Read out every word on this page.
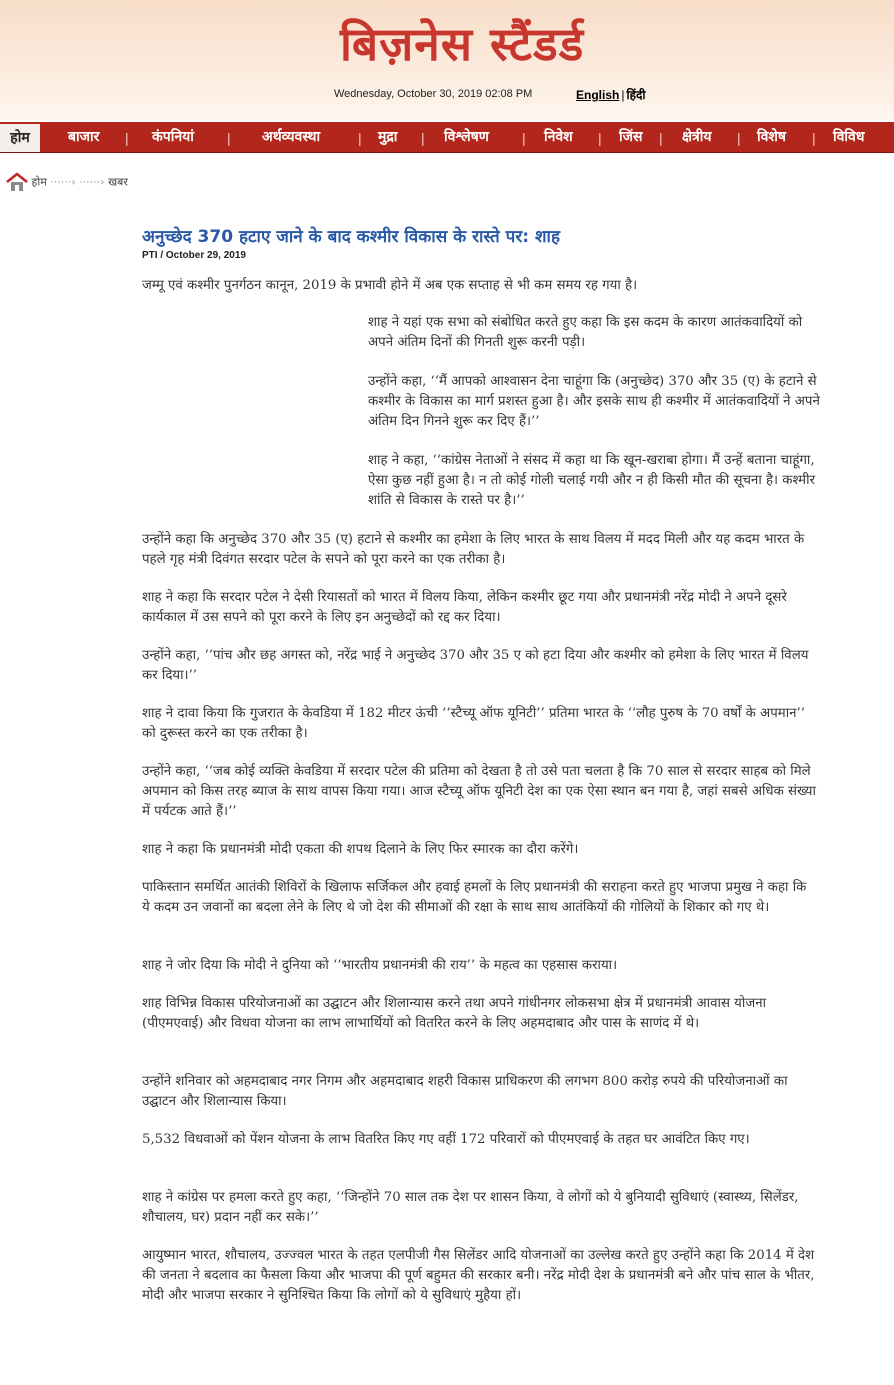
बिज़नेस स्टैंडर्ड
Wednesday, October 30, 2019 02:08 PM	English | हिंदी
होम	बाजार | कंपनियां | अर्थव्यवस्था	| मुद्रा | विश्लेषण | निवेश | जिंस | क्षेत्रीय | विशेष | विविध
होम ······› ······› खबर
अनुच्छेद 370 हटाए जाने के बाद कश्मीर विकास के रास्ते पर: शाह
PTI / October 29, 2019
जम्मू एवं कश्मीर पुनर्गठन कानून, 2019 के प्रभावी होने में अब एक सप्ताह से भी कम समय रह गया है।
शाह ने यहां एक सभा को संबोधित करते हुए कहा कि इस कदम के कारण आतंकवादियों को अपने अंतिम दिनों की गिनती शुरू करनी पड़ी।
उन्होंने कहा, ‘‘मैं आपको आश्वासन देना चाहूंगा कि (अनुच्छेद) 370 और 35 (ए) के हटाने से कश्मीर के विकास का मार्ग प्रशस्त हुआ है। और इसके साथ ही कश्मीर में आतंकवादियों ने अपने अंतिम दिन गिनने शुरू कर दिए हैं।’’
शाह ने कहा, ‘‘कांग्रेस नेताओं ने संसद में कहा था कि खून-खराबा होगा। मैं उन्हें बताना चाहूंगा, ऐसा कुछ नहीं हुआ है। न तो कोई गोली चलाई गयी और न ही किसी मौत की सूचना है। कश्मीर शांति से विकास के रास्ते पर है।’’
उन्होंने कहा कि अनुच्छेद 370 और 35 (ए) हटाने से कश्मीर का हमेशा के लिए भारत के साथ विलय में मदद मिली और यह कदम भारत के पहले गृह मंत्री दिवंगत सरदार पटेल के सपने को पूरा करने का एक तरीका है।
शाह ने कहा कि सरदार पटेल ने देसी रियासतों को भारत में विलय किया, लेकिन कश्मीर छूट गया और प्रधानमंत्री नरेंद्र मोदी ने अपने दूसरे कार्यकाल में उस सपने को पूरा करने के लिए इन अनुच्छेदों को रद्द कर दिया।
उन्होंने कहा, ‘‘पांच और छह अगस्त को, नरेंद्र भाई ने अनुच्छेद 370 और 35 ए को हटा दिया और कश्मीर को हमेशा के लिए भारत में विलय कर दिया।’’
शाह ने दावा किया कि गुजरात के केवडिया में 182 मीटर ऊंची ‘‘स्टैच्यू ऑफ यूनिटी’’ प्रतिमा भारत के ‘‘लौह पुरुष के 70 वर्षों के अपमान’’ को दुरूस्त करने का एक तरीका है।
उन्होंने कहा, ‘‘जब कोई व्यक्ति केवडिया में सरदार पटेल की प्रतिमा को देखता है तो उसे पता चलता है कि 70 साल से सरदार साहब को मिले अपमान को किस तरह ब्याज के साथ वापस किया गया। आज स्टैच्यू ऑफ यूनिटी देश का एक ऐसा स्थान बन गया है, जहां सबसे अधिक संख्या में पर्यटक आते हैं।’’
शाह ने कहा कि प्रधानमंत्री मोदी एकता की शपथ दिलाने के लिए फिर स्मारक का दौरा करेंगे।
पाकिस्तान समर्थित आतंकी शिविरों के खिलाफ सर्जिकल और हवाई हमलों के लिए प्रधानमंत्री की सराहना करते हुए भाजपा प्रमुख ने कहा कि ये कदम उन जवानों का बदला लेने के लिए थे जो देश की सीमाओं की रक्षा के साथ साथ आतंकियों की गोलियों के शिकार को गए थे।
शाह ने जोर दिया कि मोदी ने दुनिया को ‘‘भारतीय प्रधानमंत्री की राय’’ के महत्व का एहसास कराया।
शाह विभिन्न विकास परियोजनाओं का उद्घाटन और शिलान्यास करने तथा अपने गांधीनगर लोकसभा क्षेत्र में प्रधानमंत्री आवास योजना (पीएमएवाई) और विधवा योजना का लाभ लाभार्थियों को वितरित करने के लिए अहमदाबाद और पास के साणंद में थे।
उन्होंने शनिवार को अहमदाबाद नगर निगम और अहमदाबाद शहरी विकास प्राधिकरण की लगभग 800 करोड़ रुपये की परियोजनाओं का उद्घाटन और शिलान्यास किया।
5,532 विधवाओं को पेंशन योजना के लाभ वितरित किए गए वहीं 172 परिवारों को पीएमएवाई के तहत घर आवंटित किए गए।
शाह ने कांग्रेस पर हमला करते हुए कहा, ‘‘जिन्होंने 70 साल तक देश पर शासन किया, वे लोगों को ये बुनियादी सुविधाएं (स्वास्थ्य, सिलेंडर, शौचालय, घर) प्रदान नहीं कर सके।’’
आयुष्मान भारत, शौचालय, उज्ज्वल भारत के तहत एलपीजी गैस सिलेंडर आदि योजनाओं का उल्लेख करते हुए उन्होंने कहा कि 2014 में देश की जनता ने बदलाव का फैसला किया और भाजपा की पूर्ण बहुमत की सरकार बनी। नरेंद्र मोदी देश के प्रधानमंत्री बने और पांच साल के भीतर, मोदी और भाजपा सरकार ने सुनिश्चित किया कि लोगों को ये सुविधाएं मुहैया हों।
